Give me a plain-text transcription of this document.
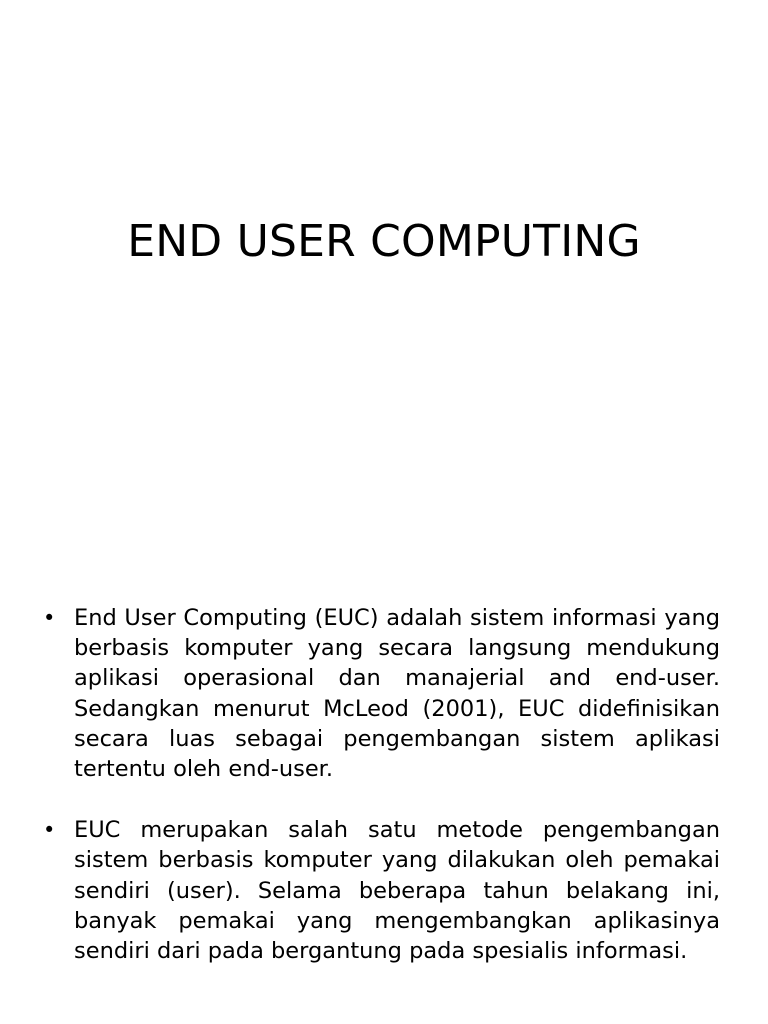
END USER COMPUTING
• End User Computing (EUC) adalah sistem informasi yang berbasis komputer yang secara langsung mendukung aplikasi operasional dan manajerial and end-user. Sedangkan menurut McLeod (2001), EUC didefinisikan secara luas sebagai pengembangan sistem aplikasi tertentu oleh end-user.
• EUC merupakan salah satu metode pengembangan sistem berbasis komputer yang dilakukan oleh pemakai sendiri (user). Selama beberapa tahun belakang ini, banyak pemakai yang mengembangkan aplikasinya sendiri dari pada bergantung pada spesialis informasi.
